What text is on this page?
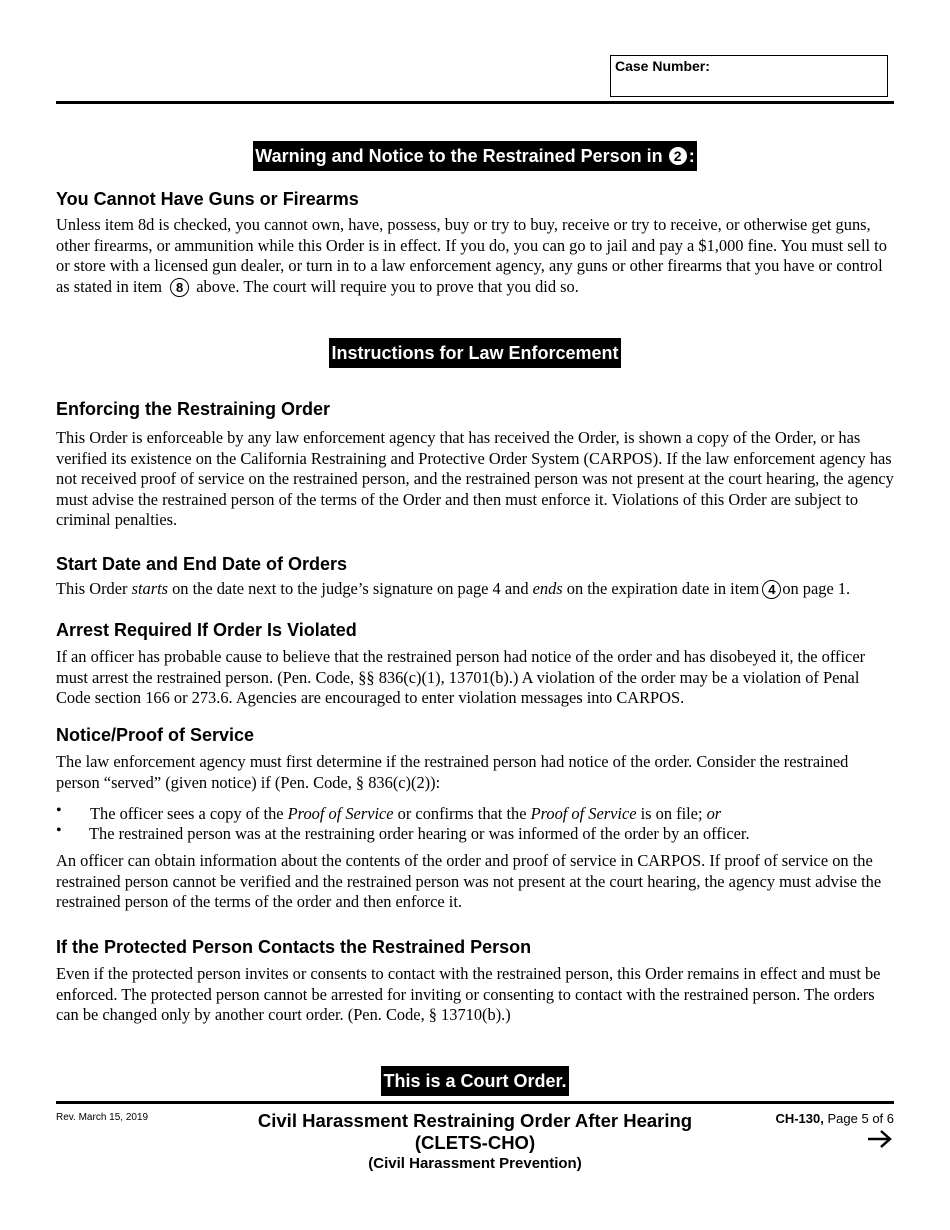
Case Number:
Warning and Notice to the Restrained Person in 2 :
You Cannot Have Guns or Firearms

Unless item 8d is checked, you cannot own, have, possess, buy or try to buy, receive or try to receive, or otherwise get guns, other firearms, or ammunition while this Order is in effect. If you do, you can go to jail and pay a $1,000 fine. You must sell to or store with a licensed gun dealer, or turn in to a law enforcement agency, any guns or other firearms that you have or control as stated in item 8 above. The court will require you to prove that you did so.

Instructions for Law Enforcement
Enforcing the Restraining Order

This Order is enforceable by any law enforcement agency that has received the Order, is shown a copy of the Order, or has verified its existence on the California Restraining and Protective Order System (CARPOS). If the law enforcement agency has not received proof of service on the restrained person, and the restrained person was not present at the court hearing, the agency must advise the restrained person of the terms of the Order and then must enforce it. Violations of this Order are subject to criminal penalties.

Start Date and End Date of Orders

This Order starts on the date next to the judge’s signature on page 4 and ends on the expiration date in item 4 on page 1.

Arrest Required If Order Is Violated

If an officer has probable cause to believe that the restrained person had notice of the order and has disobeyed it, the officer must arrest the restrained person. (Pen. Code, §§ 836(c)(1), 13701(b).) A violation of the order may be a violation of Penal Code section 166 or 273.6. Agencies are encouraged to enter violation messages into CARPOS.

Notice/Proof of Service

The law enforcement agency must first determine if the restrained person had notice of the order. Consider the restrained person “served” (given notice) if (Pen. Code, § 836(c)(2)):

• The officer sees a copy of the Proof of Service or confirms that the Proof of Service is on file; or
• The restrained person was at the restraining order hearing or was informed of the order by an officer.

An officer can obtain information about the contents of the order and proof of service in CARPOS. If proof of service on the restrained person cannot be verified and the restrained person was not present at the court hearing, the agency must advise the restrained person of the terms of the order and then enforce it.

If the Protected Person Contacts the Restrained Person

Even if the protected person invites or consents to contact with the restrained person, this Order remains in effect and must be enforced. The protected person cannot be arrested for inviting or consenting to contact with the restrained person. The orders can be changed only by another court order. (Pen. Code, § 13710(b).)

This is a Court Order.
Rev. March 15, 2019	Civil Harassment Restraining Order After Hearing
(CLETS-CHO)
(Civil Harassment Prevention)
CH-130, Page 5 of 6
